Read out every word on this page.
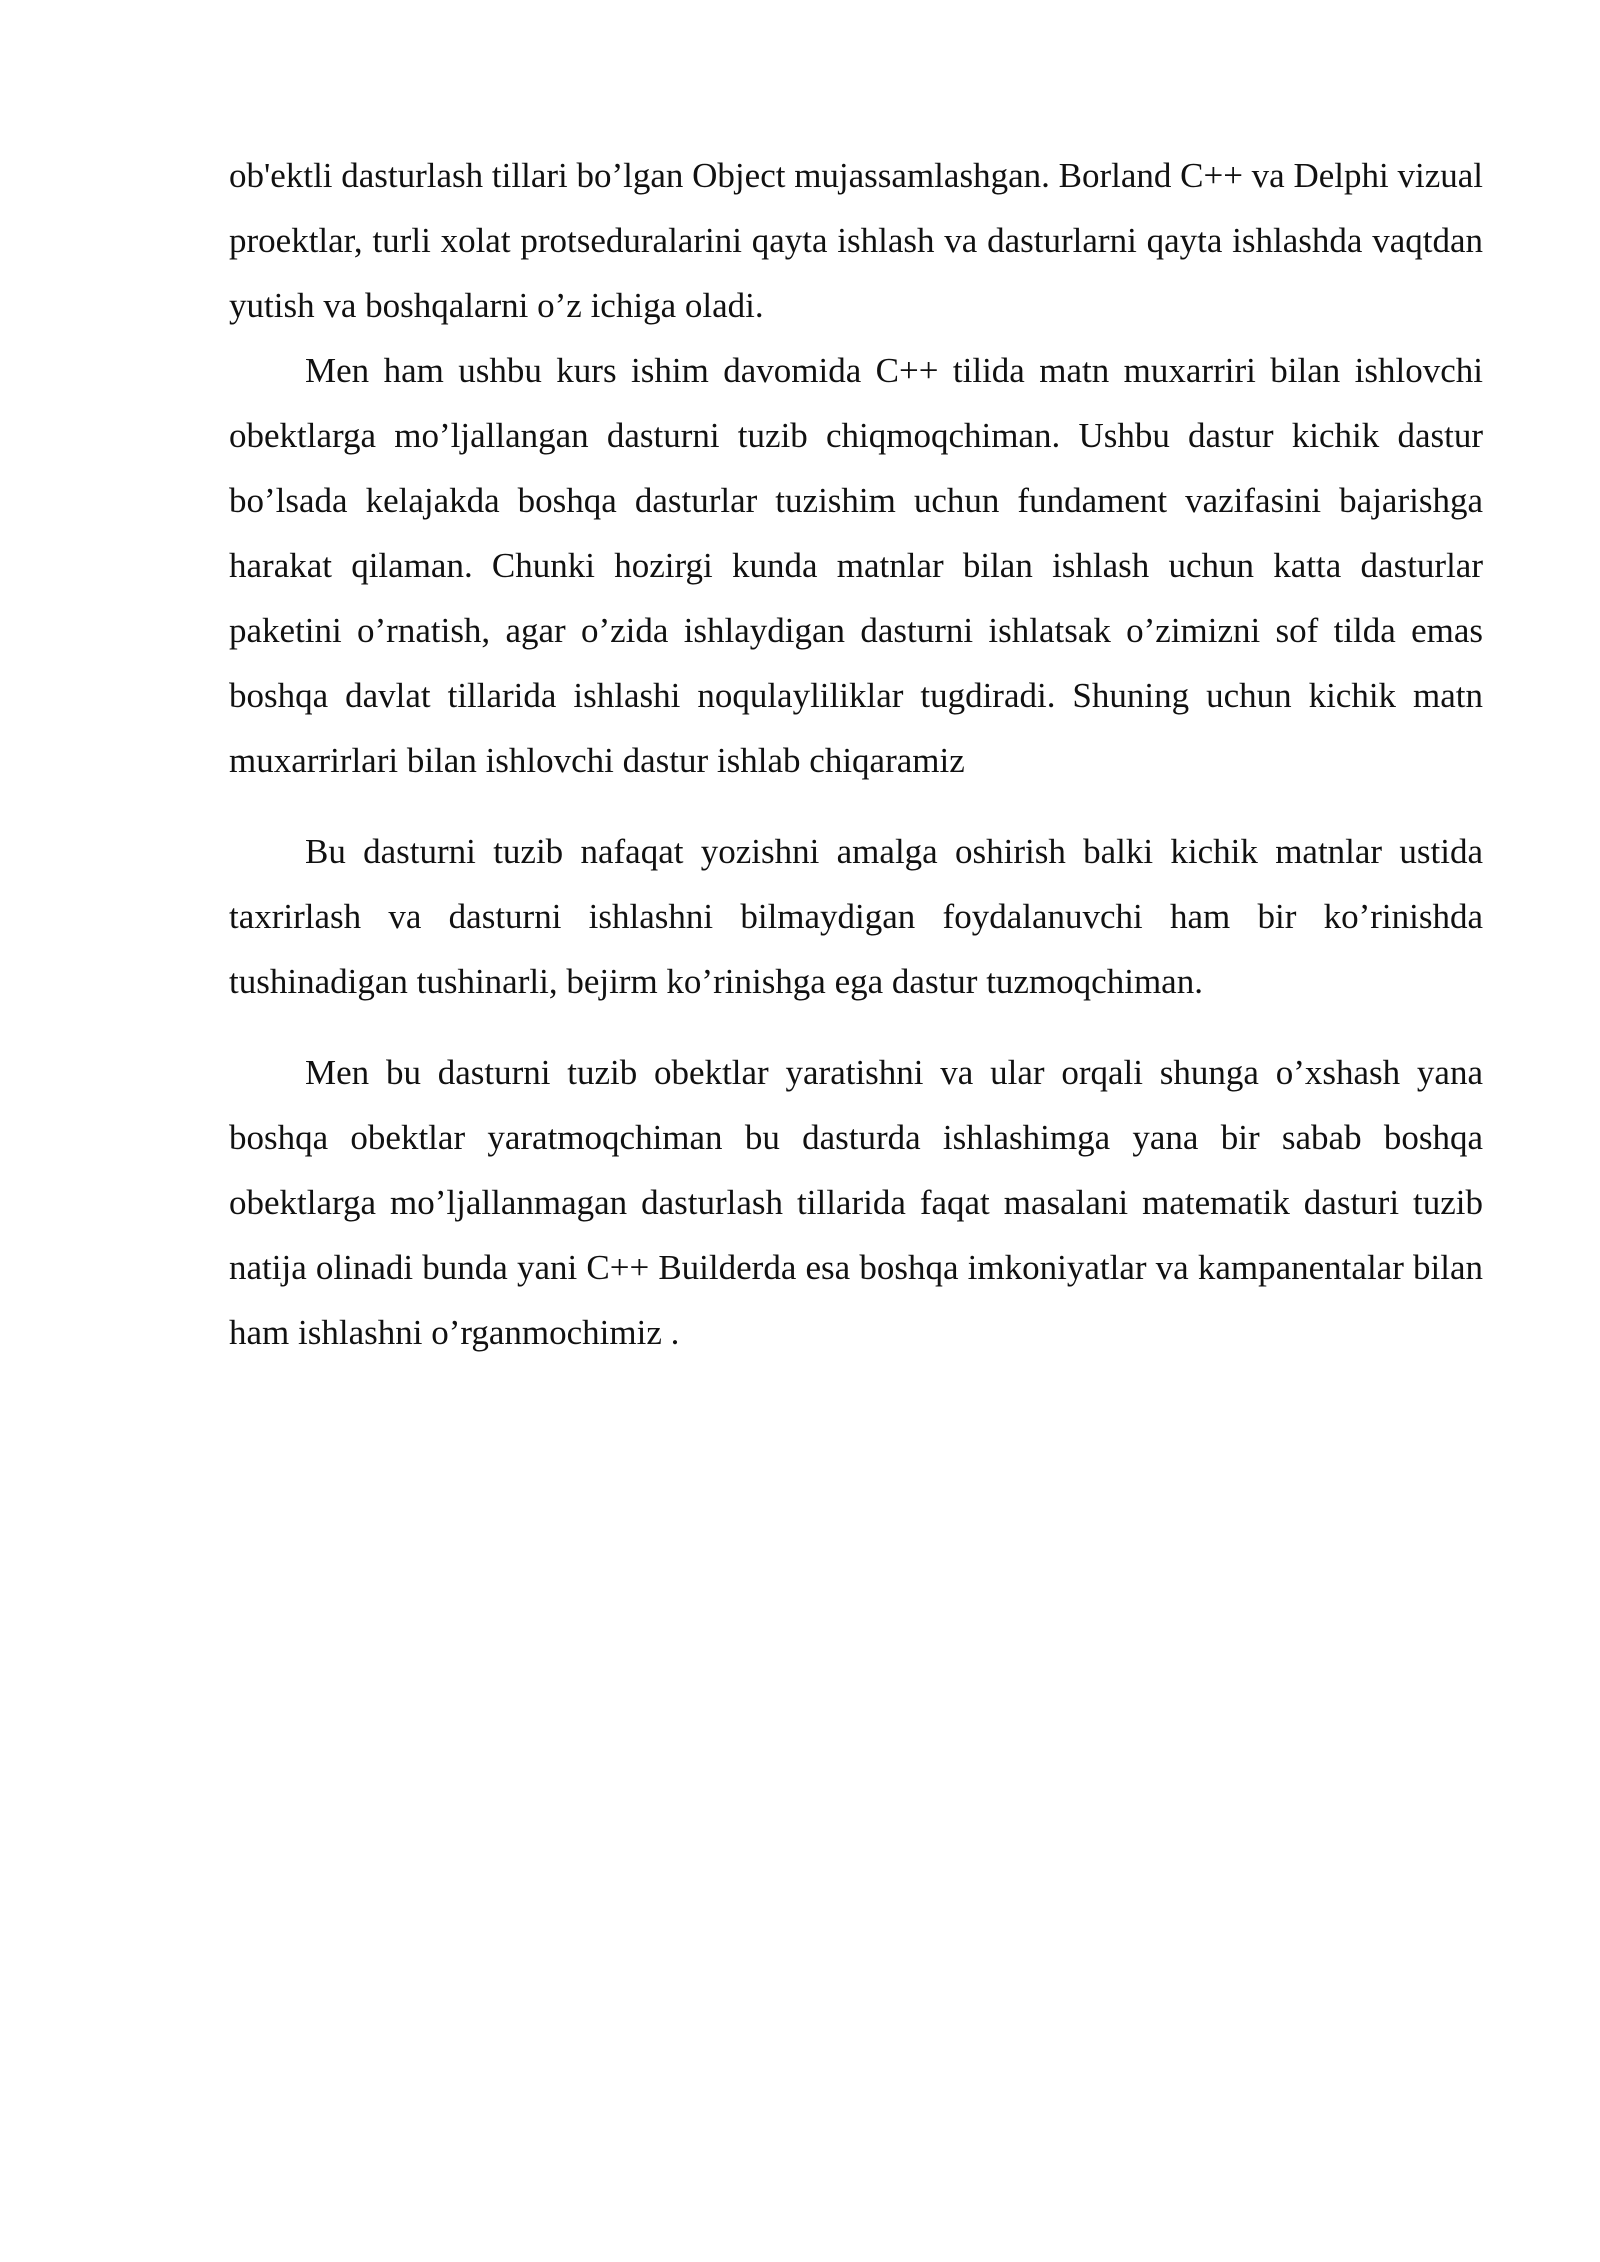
ob'ektli dasturlash tillari bo’lgan Object mujassamlashgan. Borland C++ va Delphi vizual proektlar, turli xolat protseduralarini qayta ishlash va dasturlarni qayta ishlashda vaqtdan yutish va boshqalarni o’z ichiga oladi.

Men ham ushbu kurs ishim davomida C++ tilida matn muxarriri bilan ishlovchi obektlarga mo’ljallangan dasturni tuzib chiqmoqchiman. Ushbu dastur kichik dastur bo’lsada kelajakda boshqa dasturlar tuzishim uchun fundament vazifasini bajarishga harakat qilaman. Chunki hozirgi kunda matnlar bilan ishlash uchun katta dasturlar paketini o’rnatish, agar o’zida ishlaydigan dasturni ishlatsak o’zimizni sof tilda emas boshqa davlat tillarida ishlashi noqulayliliklar tugdiradi. Shuning uchun kichik matn muxarrirlari bilan ishlovchi dastur ishlab chiqaramiz

Bu dasturni tuzib nafaqat yozishni amalga oshirish balki kichik matnlar ustida taxrirlash va dasturni ishlashni bilmaydigan foydalanuvchi ham bir ko’rinishda tushinadigan tushinarli, bejirm ko’rinishga ega dastur tuzmoqchiman.

Men bu dasturni tuzib obektlar yaratishni va ular orqali shunga o’xshash yana boshqa obektlar yaratmoqchiman bu dasturda ishlashimga yana bir sabab boshqa obektlarga mo’ljallanmagan dasturlash tillarida faqat masalani matematik dasturi tuzib natija olinadi bunda yani C++ Builderda esa boshqa imkoniyatlar va kampanentalar bilan ham ishlashni o’rganmochimiz .
